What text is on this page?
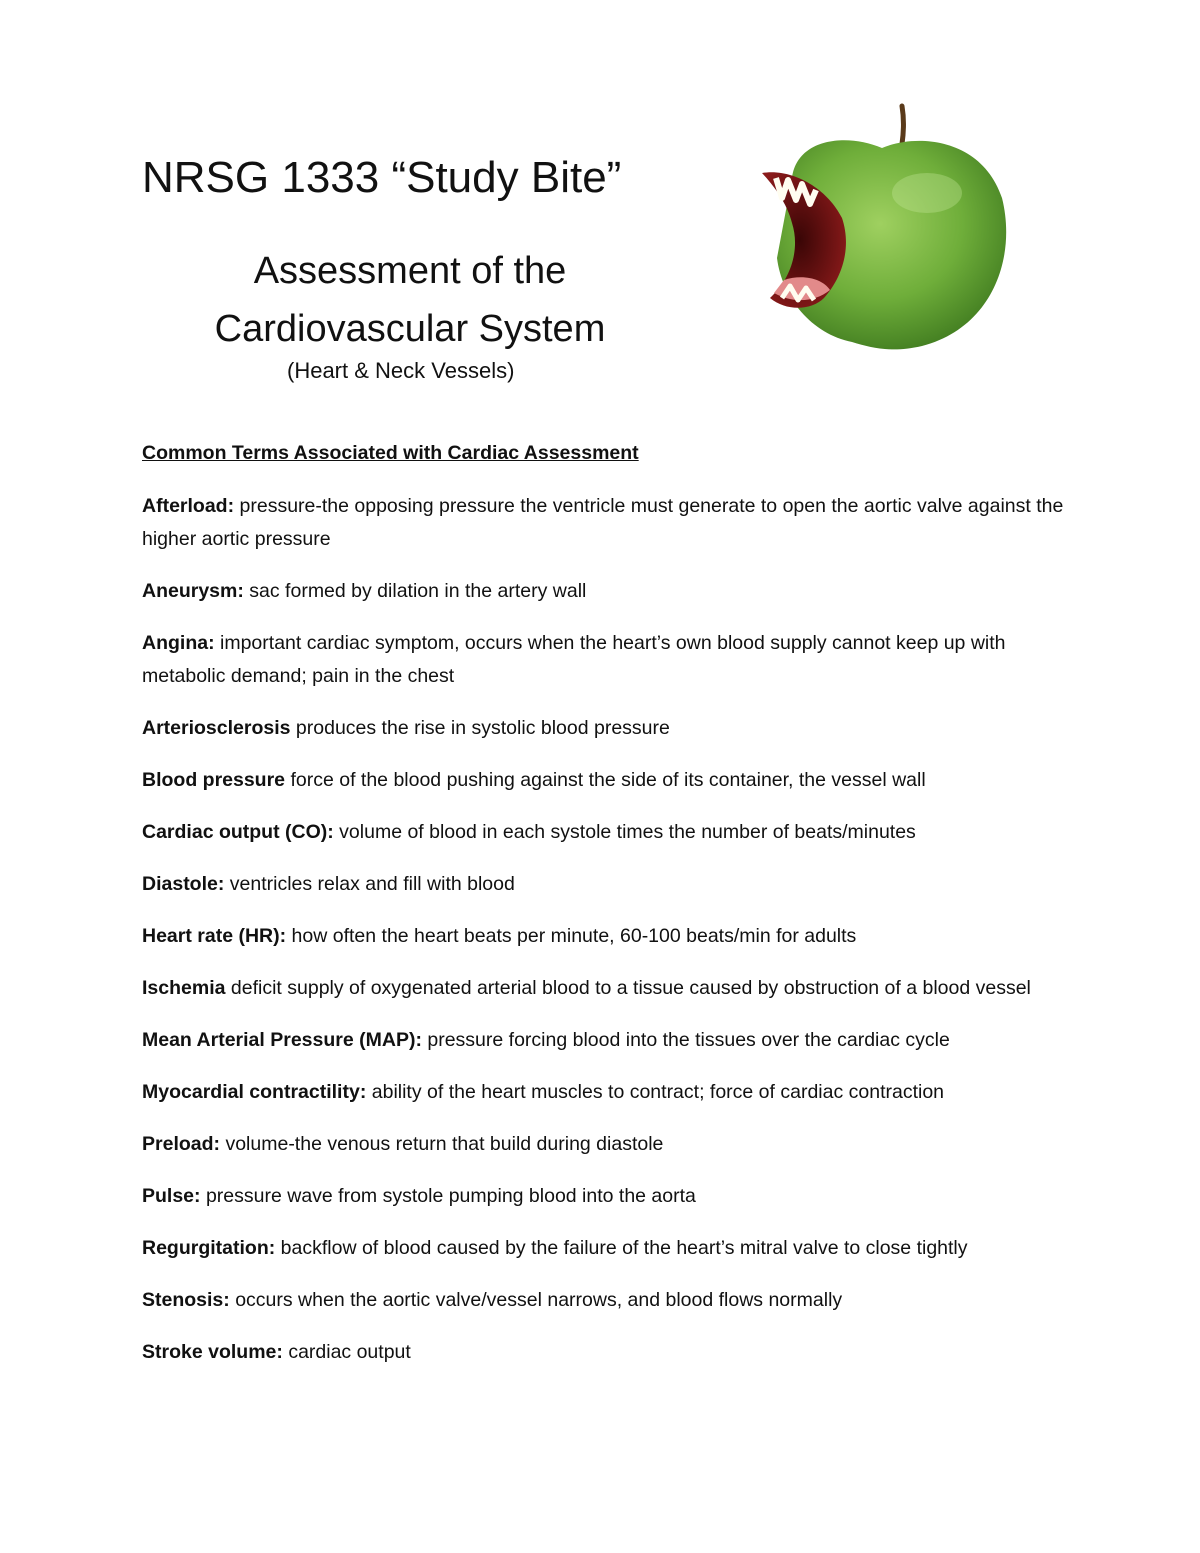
NRSG 1333 “Study Bite”
Assessment of the
Cardiovascular System
(Heart & Neck Vessels)
Common Terms Associated with Cardiac Assessment
Afterload: pressure-the opposing pressure the ventricle must generate to open the aortic valve against the higher aortic pressure
Aneurysm: sac formed by dilation in the artery wall
Angina: important cardiac symptom, occurs when the heart’s own blood supply cannot keep up with metabolic demand; pain in the chest
Arteriosclerosis produces the rise in systolic blood pressure
Blood pressure force of the blood pushing against the side of its container, the vessel wall
Cardiac output (CO): volume of blood in each systole times the number of beats/minutes
Diastole: ventricles relax and fill with blood
Heart rate (HR): how often the heart beats per minute, 60-100 beats/min for adults
Ischemia deficit supply of oxygenated arterial blood to a tissue caused by obstruction of a blood vessel
Mean Arterial Pressure (MAP): pressure forcing blood into the tissues over the cardiac cycle
Myocardial contractility: ability of the heart muscles to contract; force of cardiac contraction
Preload: volume-the venous return that build during diastole
Pulse: pressure wave from systole pumping blood into the aorta
Regurgitation: backflow of blood caused by the failure of the heart’s mitral valve to close tightly
Stenosis: occurs when the aortic valve/vessel narrows, and blood flows normally
Stroke volume: cardiac output
